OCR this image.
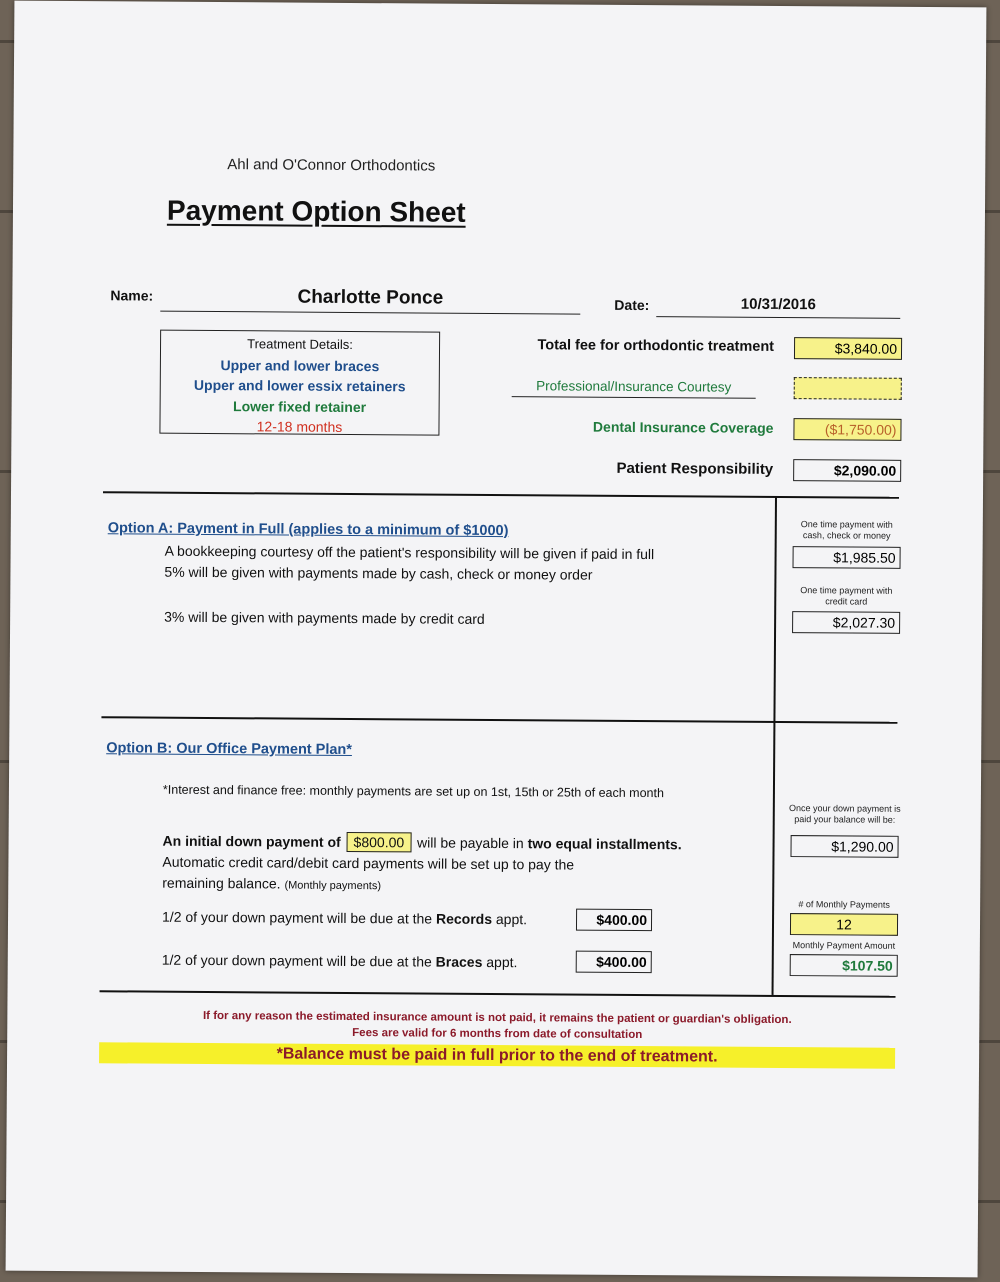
Ahl and O'Connor Orthodontics
Payment Option Sheet
Name:	Charlotte Ponce	Date:	10/31/2016
Treatment Details:
Upper and lower braces
Upper and lower essix retainers
Lower fixed retainer
12-18 months
Total fee for orthodontic treatment	$3,840.00
Professional/Insurance Courtesy
Dental Insurance Coverage	($1,750.00)
Patient Responsibility	$2,090.00
Option A: Payment in Full (applies to a minimum of $1000)
A bookkeeping courtesy off the patient's responsibility will be given if paid in full
5% will be given with payments made by cash, check or money order
3% will be given with payments made by credit card
One time payment with cash, check or money
$1,985.50
One time payment with credit card
$2,027.30
Option B: Our Office Payment Plan*
*Interest and finance free: monthly payments are set up on 1st, 15th or 25th of each month
An initial down payment of $800.00 will be payable in two equal installments.
Automatic credit card/debit card payments will be set up to pay the
remaining balance. (Monthly payments)
1/2 of your down payment will be due at the Records appt.	$400.00
1/2 of your down payment will be due at the Braces appt.	$400.00
Once your down payment is paid your balance will be:
$1,290.00
# of Monthly Payments
12
Monthly Payment Amount
$107.50
If for any reason the estimated insurance amount is not paid, it remains the patient or guardian's obligation.
Fees are valid for 6 months from date of consultation
*Balance must be paid in full prior to the end of treatment.
